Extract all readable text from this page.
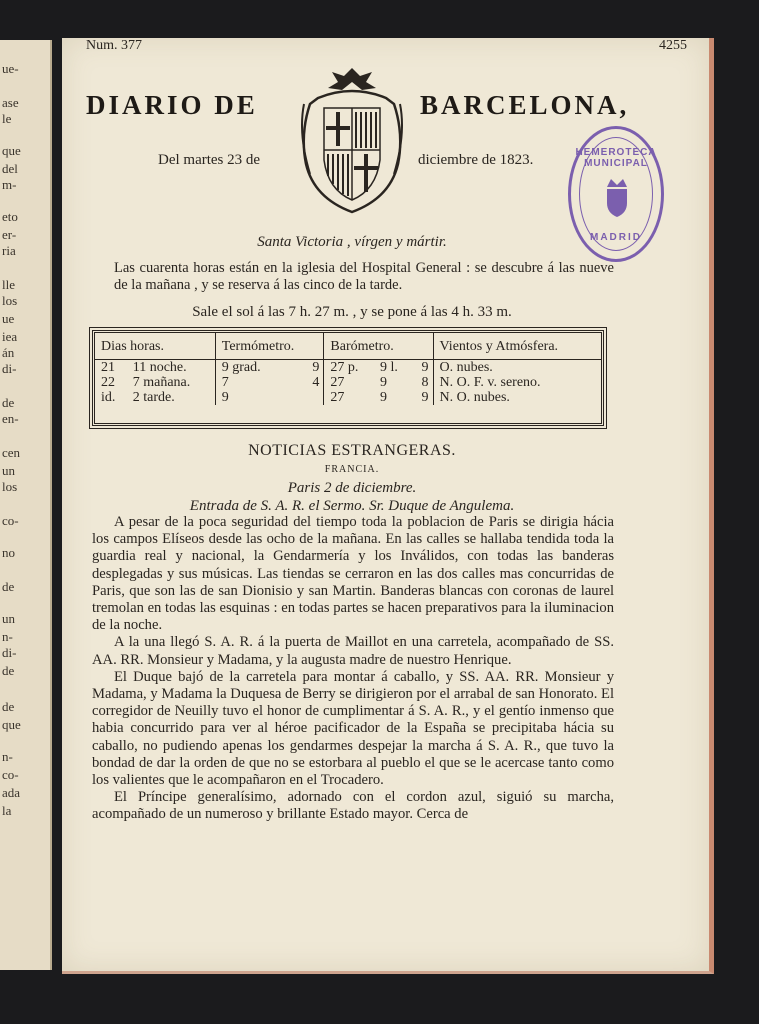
ue-
ase
le
que
del
m-
eto
er-
ria
lle
los
ue
iea
án
di-
de
en-
cen
un
los
co-
no
de
un
n-
di-
de
de
que
n-
co-
ada
la
Num. 377	4255
DIARIO DE	BARCELONA,
Del martes 23 de	diciembre de 1823.	HEMEROTECA MUNICIPAL
MADRID
Santa Victoria , vírgen y mártir.
Las cuarenta horas están en la iglesia del Hospital General : se descubre á las nueve de la mañana , y se reserva á las cinco de la tarde.
Sale el sol á las 7 h. 27 m. , y se pone á las 4 h. 33 m.
Dias horas.		Termómetro.		Barómetro.			Vientos y Atmósfera.
21	11 noche.	9 grad.	9	27 p.	9 l.	9	O. nubes.
22	7 mañana.	7	4	27	9	8	N. O. F. v. sereno.
id.	2 tarde.	9		27	9	9	N. O. nubes.
NOTICIAS ESTRANGERAS.
FRANCIA.
Paris 2 de diciembre.
Entrada de S. A. R. el Sermo. Sr. Duque de Angulema.

A pesar de la poca seguridad del tiempo toda la poblacion de Paris se dirigia hácia los campos Elíseos desde las ocho de la mañana. En las calles se hallaba tendida toda la guardia real y nacional, la Gendarmería y los Inválidos, con todas las banderas desplegadas y sus músicas. Las tiendas se cerraron en las dos calles mas concurridas de Paris, que son las de san Dionisio y san Martin. Banderas blancas con coronas de laurel tremolan en todas las esquinas : en todas partes se hacen preparativos para la iluminacion de la noche.

A la una llegó S. A. R. á la puerta de Maillot en una carretela, acompañado de SS. AA. RR. Monsieur y Madama, y la augusta madre de nuestro Henrique.

El Duque bajó de la carretela para montar á caballo, y SS. AA. RR. Monsieur y Madama, y Madama la Duquesa de Berry se dirigieron por el arrabal de san Honorato. El corregidor de Neuilly tuvo el honor de cumplimentar á S. A. R., y el gentío inmenso que habia concurrido para ver al héroe pacificador de la España se precipitaba hácia su caballo, no pudiendo apenas los gendarmes despejar la marcha á S. A. R., que tuvo la bondad de dar la orden de que no se estorbara al pueblo el que se le acercase tanto como los valientes que le acompañaron en el Trocadero.

El Príncipe generalísimo, adornado con el cordon azul, siguió su marcha, acompañado de un numeroso y brillante Estado mayor. Cerca de
